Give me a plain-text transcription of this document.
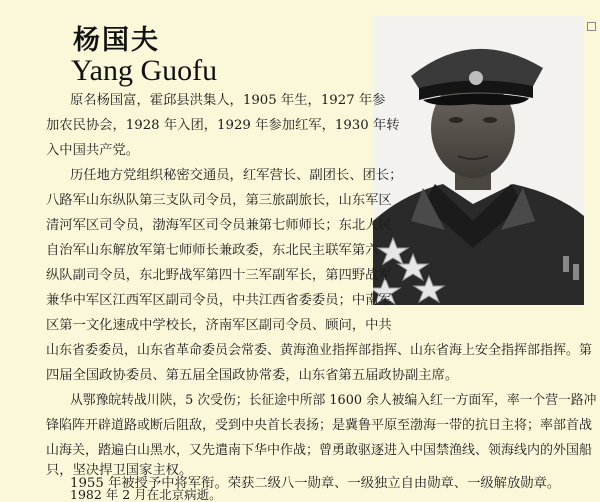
杨国夫
Yang Guofu

原名杨国富，霍邱县洪集人，1905 年生，1927 年参

加农民协会，1928 年入团，1929 年参加红军，1930 年转

入中国共产党。

历任地方党组织秘密交通员，红军营长、副团长、团长；

八路军山东纵队第三支队司令员，第三旅副旅长，山东军区

清河军区司令员，渤海军区司令员兼第七师师长；东北人民

自治军山东解放军第七师师长兼政委，东北民主联军第六

纵队副司令员，东北野战军第四十三军副军长，第四野战军

兼华中军区江西军区副司令员，中共江西省委委员；中南军

区第一文化速成中学校长，济南军区副司令员、顾问，中共

山东省委委员，山东省革命委员会常委、黄海渔业指挥部指挥、山东省海上安全指挥部指挥。第

四届全国政协委员、第五届全国政协常委，山东省第五届政协副主席。

从鄂豫皖转战川陕，5 次受伤；长征途中所部 1600 余人被编入红一方面军，率一个营一路冲

锋陷阵开辟道路或断后阻敌，受到中央首长表扬；是冀鲁平原至渤海一带的抗日主将；率部首战

山海关，踏遍白山黑水，又先遣南下华中作战；曾勇敢驱逐进入中国禁渔线、领海线内的外国船

只，坚决捍卫国家主权。

1955 年被授予中将军衔。荣获二级八一勋章、一级独立自由勋章、一级解放勋章。

1982 年 2 月在北京病逝。
